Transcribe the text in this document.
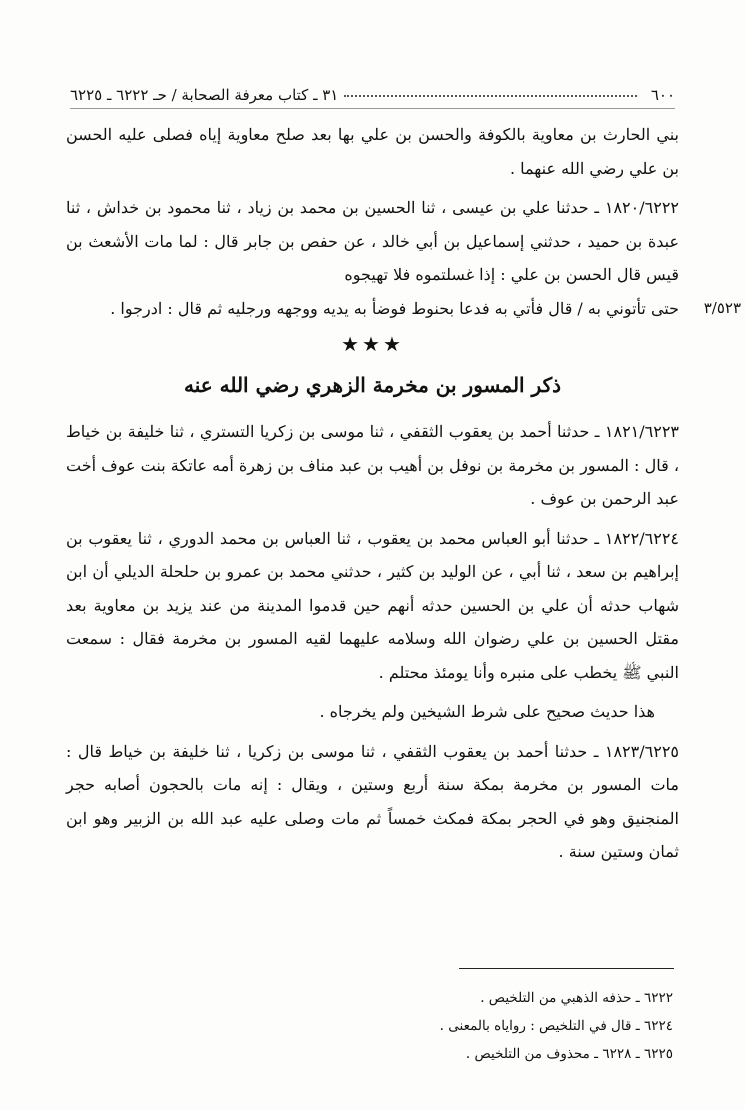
٦٠٠
٣١ ـ كتاب معرفة الصحابة / حـ ٦٢٢٢ ـ ٦٢٢٥

بني الحارث بن معاوية بالكوفة والحسن بن علي بها بعد صلح معاوية إياه فصلى عليه الحسن بن علي رضي الله عنهما .

١٨٢٠/٦٢٢٢ ـ حدثنا علي بن عيسى ، ثنا الحسين بن محمد بن زياد ، ثنا محمود بن خداش ، ثنا عبدة بن حميد ، حدثني إسماعيل بن أبي خالد ، عن حفص بن جابر قال : لما مات الأشعث بن قيس قال الحسن بن علي : إذا غسلتموه فلا تهيجوه

٣/٥٢٣

حتى تأتوني به / قال فأتي به فدعا بحنوط فوضأ به يديه ووجهه ورجليه ثم قال : ادرجوا .

★★★
ذكر المسور بن مخرمة الزهري رضي الله عنه

١٨٢١/٦٢٢٣ ـ حدثنا أحمد بن يعقوب الثقفي ، ثنا موسى بن زكريا التستري ، ثنا خليفة بن خياط ، قال : المسور بن مخرمة بن نوفل بن أهيب بن عبد مناف بن زهرة أمه عاتكة بنت عوف أخت عبد الرحمن بن عوف .

١٨٢٢/٦٢٢٤ ـ حدثنا أبو العباس محمد بن يعقوب ، ثنا العباس بن محمد الدوري ، ثنا يعقوب بن إبراهيم بن سعد ، ثنا أبي ، عن الوليد بن كثير ، حدثني محمد بن عمرو بن حلحلة الديلي أن ابن شهاب حدثه أن علي بن الحسين حدثه أنهم حين قدموا المدينة من عند يزيد بن معاوية بعد مقتل الحسين بن علي رضوان الله وسلامه عليهما لقيه المسور بن مخرمة فقال : سمعت النبي ﷺ يخطب على منبره وأنا يومئذ محتلم .

هذا حديث صحيح على شرط الشيخين ولم يخرجاه .

١٨٢٣/٦٢٢٥ ـ حدثنا أحمد بن يعقوب الثقفي ، ثنا موسى بن زكريا ، ثنا خليفة بن خياط قال : مات المسور بن مخرمة بمكة سنة أربع وستين ، ويقال : إنه مات بالحجون أصابه حجر المنجنيق وهو في الحجر بمكة فمكث خمساً ثم مات وصلى عليه عبد الله بن الزبير وهو ابن ثمان وستين سنة .

٦٢٢٢ ـ حذفه الذهبي من التلخيص .

٦٢٢٤ ـ قال في التلخيص : رواياه بالمعنى .

٦٢٢٥ ـ ٦٢٢٨ ـ محذوف من التلخيص .
